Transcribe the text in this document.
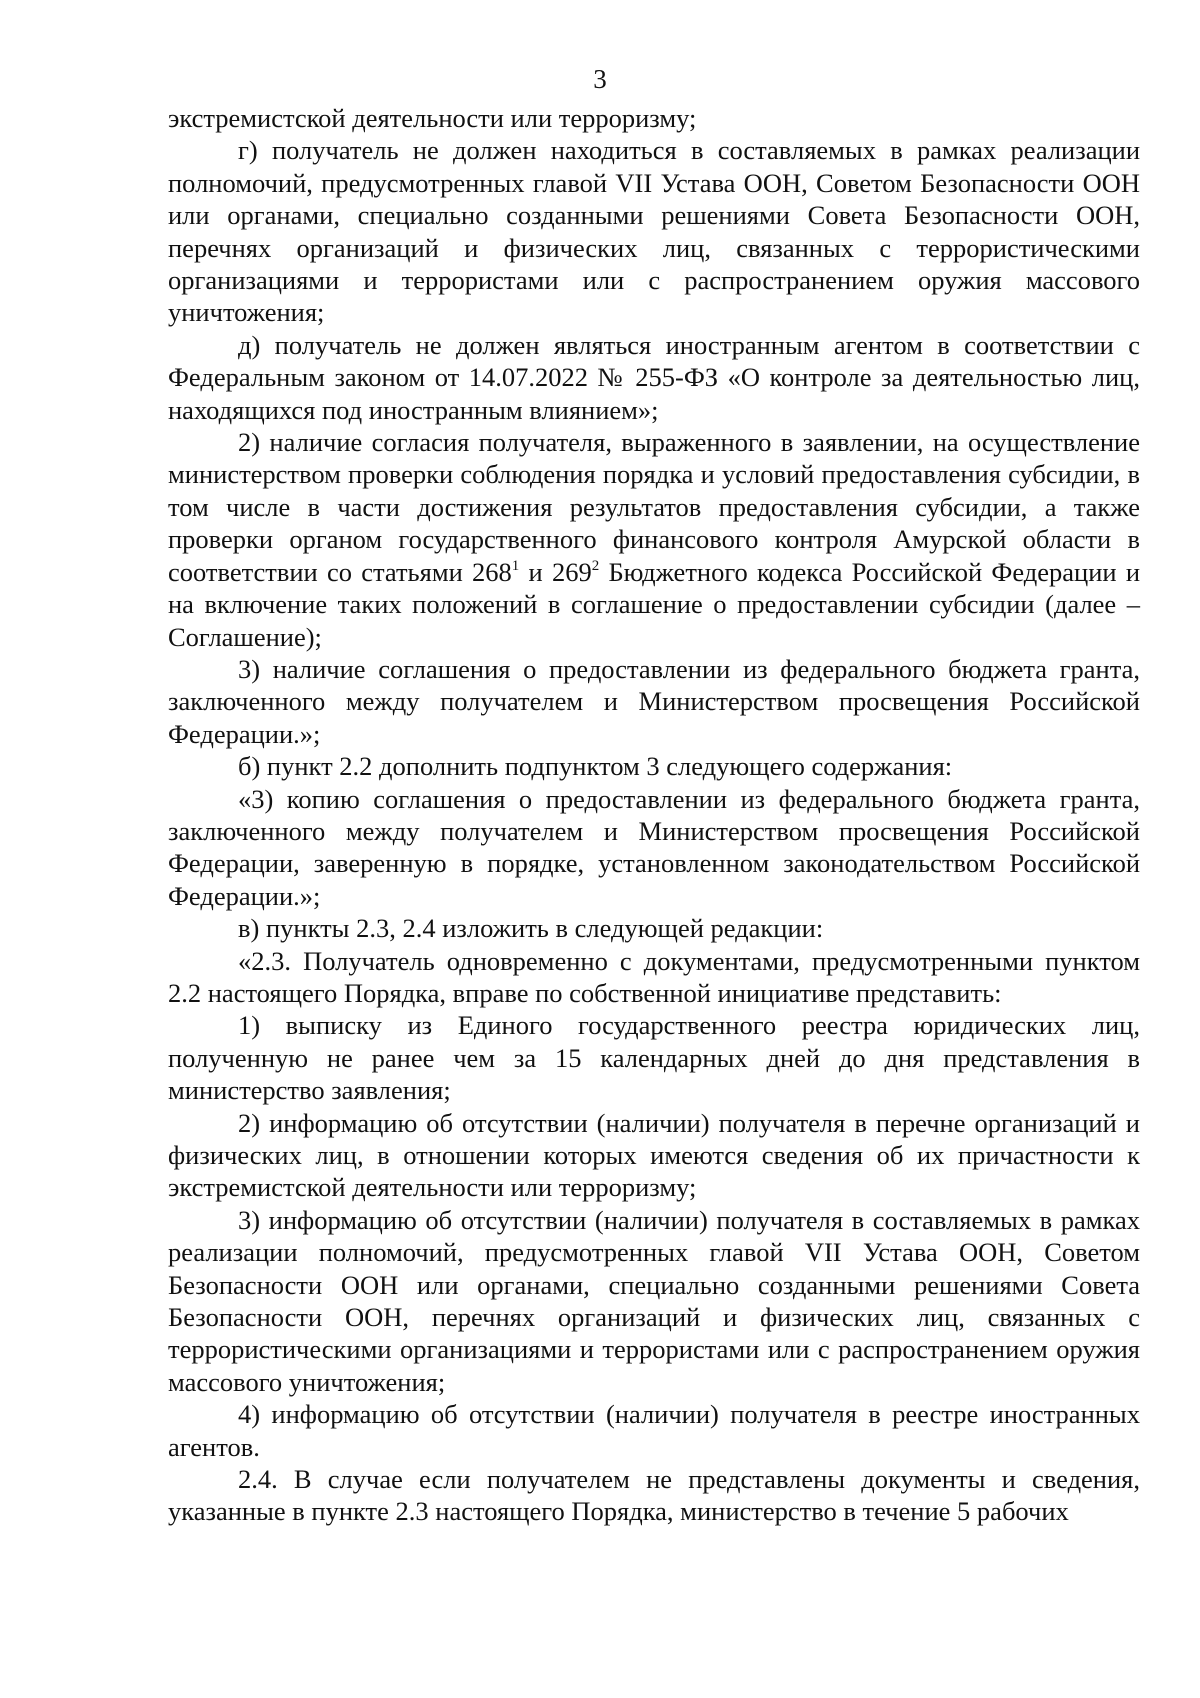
3

экстремистской деятельности или терроризму;

г) получатель не должен находиться в составляемых в рамках реализации полномочий, предусмотренных главой VII Устава ООН, Советом Безопасности ООН или органами, специально созданными решениями Совета Безопасности ООН, перечнях организаций и физических лиц, связанных с террористическими организациями и террористами или с распространением оружия массового уничтожения;

д) получатель не должен являться иностранным агентом в соответствии с Федеральным законом от 14.07.2022 № 255-ФЗ «О контроле за деятельностью лиц, находящихся под иностранным влиянием»;

2) наличие согласия получателя, выраженного в заявлении, на осуществление министерством проверки соблюдения порядка и условий предоставления субсидии, в том числе в части достижения результатов предоставления субсидии, а также проверки органом государственного финансового контроля Амурской области в соответствии со статьями $268^1$ и $269^2$ Бюджетного кодекса Российской Федерации и на включение таких положений в соглашение о предоставлении субсидии (далее – Соглашение);

3) наличие соглашения о предоставлении из федерального бюджета гранта, заключенного между получателем и Министерством просвещения Российской Федерации.»;

б) пункт 2.2 дополнить подпунктом 3 следующего содержания:

«3) копию соглашения о предоставлении из федерального бюджета гранта, заключенного между получателем и Министерством просвещения Российской Федерации, заверенную в порядке, установленном законодательством Российской Федерации.»;

в) пункты 2.3, 2.4 изложить в следующей редакции:

«2.3. Получатель одновременно с документами, предусмотренными пунктом 2.2 настоящего Порядка, вправе по собственной инициативе представить:

1) выписку из Единого государственного реестра юридических лиц, полученную не ранее чем за 15 календарных дней до дня представления в министерство заявления;

2) информацию об отсутствии (наличии) получателя в перечне организаций и физических лиц, в отношении которых имеются сведения об их причастности к экстремистской деятельности или терроризму;

3) информацию об отсутствии (наличии) получателя в составляемых в рамках реализации полномочий, предусмотренных главой VII Устава ООН, Советом Безопасности ООН или органами, специально созданными решениями Совета Безопасности ООН, перечнях организаций и физических лиц, связанных с террористическими организациями и террористами или с распространением оружия массового уничтожения;

4) информацию об отсутствии (наличии) получателя в реестре иностранных агентов.

2.4. В случае если получателем не представлены документы и сведения, указанные в пункте 2.3 настоящего Порядка, министерство в течение 5 рабочих
